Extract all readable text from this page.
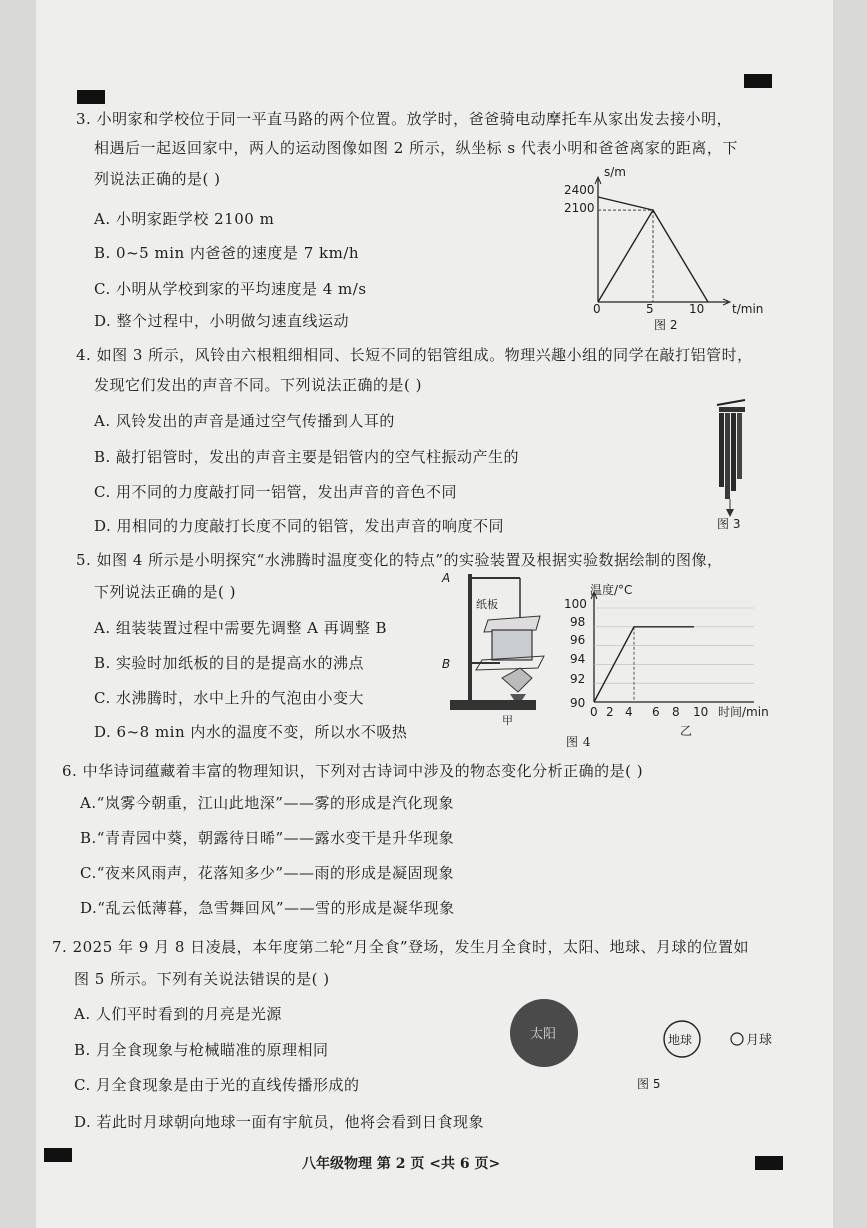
3. 小明家和学校位于同一平直马路的两个位置。放学时，爸爸骑电动摩托车从家出发去接小明，
相遇后一起返回家中，两人的运动图像如图 2 所示，纵坐标 s 代表小明和爸爸离家的距离，下
列说法正确的是( )
A. 小明家距学校 2100 m
B. 0~5 min 内爸爸的速度是 7 km/h
C. 小明从学校到家的平均速度是 4 m/s
D. 整个过程中，小明做匀速直线运动
s/m
t/min
2400
2100
0	5	10
图 2
4. 如图 3 所示，风铃由六根粗细相同、长短不同的铝管组成。物理兴趣小组的同学在敲打铝管时，
发现它们发出的声音不同。下列说法正确的是( )
A. 风铃发出的声音是通过空气传播到人耳的
B. 敲打铝管时，发出的声音主要是铝管内的空气柱振动产生的
C. 用不同的力度敲打同一铝管，发出声音的音色不同
D. 用相同的力度敲打长度不同的铝管，发出声音的响度不同	图 3
5. 如图 4 所示是小明探究“水沸腾时温度变化的特点”的实验装置及根据实验数据绘制的图像，
下列说法正确的是( )
A. 组装装置过程中需要先调整 A 再调整 B
B. 实验时加纸板的目的是提高水的沸点
C. 水沸腾时，水中上升的气泡由小变大
D. 6~8 min 内水的温度不变，所以水不吸热
A
B
纸板
甲
温度/°C
时间/min
100
98
96
94
92
90
0 2 4 6 8 10
乙
图 4
6. 中华诗词蕴藏着丰富的物理知识，下列对古诗词中涉及的物态变化分析正确的是( )
A.“岚雾今朝重，江山此地深”——雾的形成是汽化现象
B.“青青园中葵，朝露待日晞”——露水变干是升华现象
C.“夜来风雨声，花落知多少”——雨的形成是凝固现象
D.“乱云低薄暮，急雪舞回风”——雪的形成是凝华现象
7. 2025 年 9 月 8 日凌晨，本年度第二轮“月全食”登场，发生月全食时，太阳、地球、月球的位置如
图 5 所示。下列有关说法错误的是( )
A. 人们平时看到的月亮是光源
B. 月全食现象与枪械瞄准的原理相同
C. 月全食现象是由于光的直线传播形成的
D. 若此时月球朝向地球一面有宇航员，他将会看到日食现象
太阳	地球	月球
图 5
八年级物理 第 2 页 <共 6 页>
